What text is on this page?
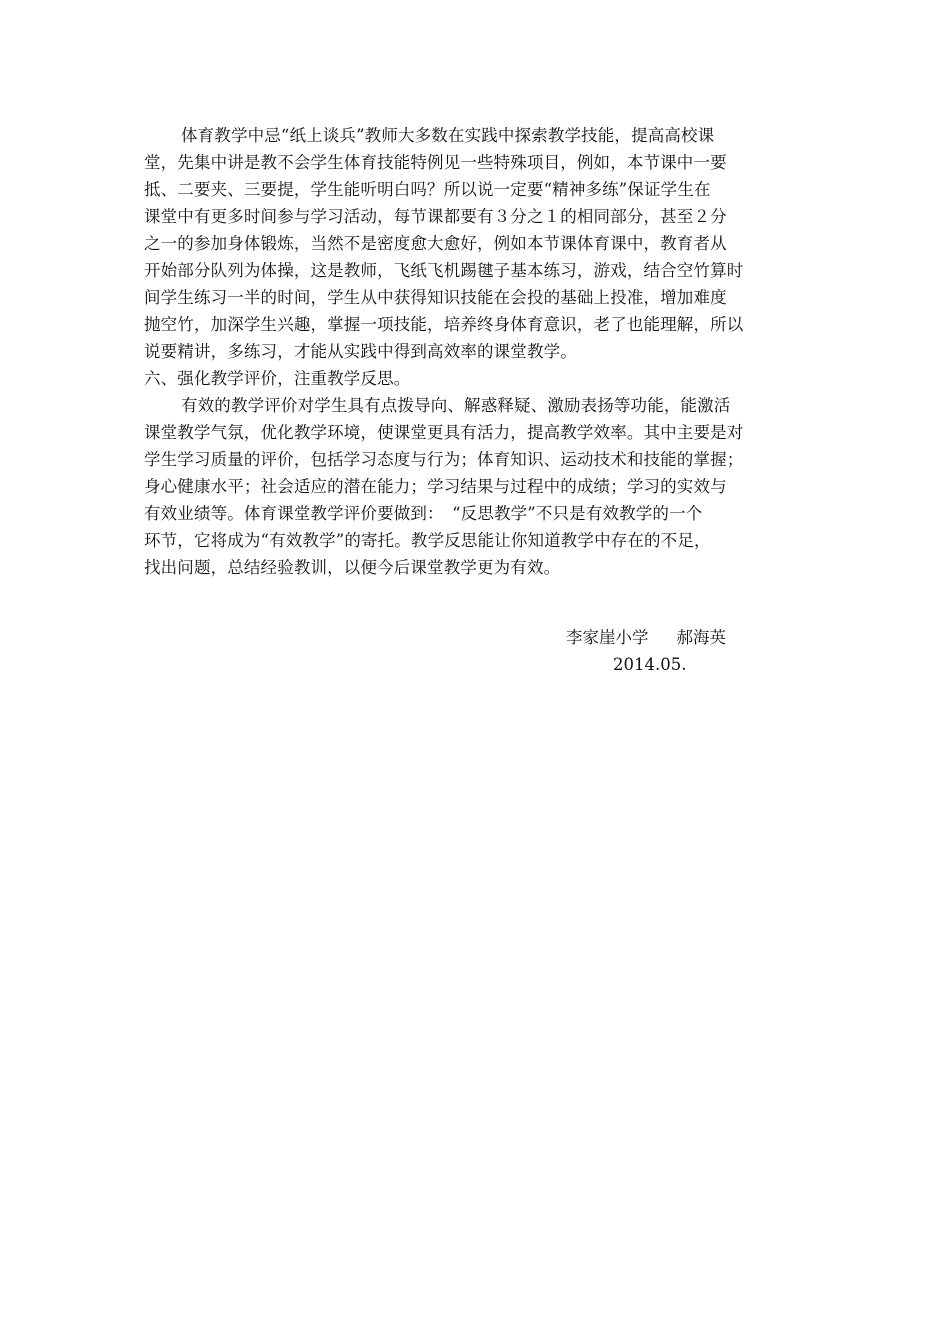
体育教学中忌“纸上谈兵”教师大多数在实践中探索教学技能，提高高校课
堂，先集中讲是教不会学生体育技能特例见一些特殊项目，例如，本节课中一要
抵、二要夹、三要提，学生能听明白吗？所以说一定要“精神多练”保证学生在
课堂中有更多时间参与学习活动，每节课都要有３分之１的相同部分，甚至２分
之一的参加身体锻炼，当然不是密度愈大愈好，例如本节课体育课中，教育者从
开始部分队列为体操，这是教师，飞纸飞机踢毽子基本练习，游戏，结合空竹算时
间学生练习一半的时间，学生从中获得知识技能在会投的基础上投准，增加难度
抛空竹，加深学生兴趣，掌握一项技能，培养终身体育意识，老了也能理解，所以
说要精讲，多练习，才能从实践中得到高效率的课堂教学。
六、强化教学评价，注重教学反思。
有效的教学评价对学生具有点拨导向、解惑释疑、激励表扬等功能，能激活
课堂教学气氛，优化教学环境，使课堂更具有活力，提高教学效率。其中主要是对
学生学习质量的评价，包括学习态度与行为；体育知识、运动技术和技能的掌握；
身心健康水平；社会适应的潜在能力；学习结果与过程中的成绩；学习的实效与
有效业绩等。体育课堂教学评价要做到：　“反思教学”不只是有效教学的一个
环节，它将成为“有效教学”的寄托。教学反思能让你知道教学中存在的不足，
找出问题，总结经验教训，以便今后课堂教学更为有效。
李家崖小学 郝海英
2014.05.
